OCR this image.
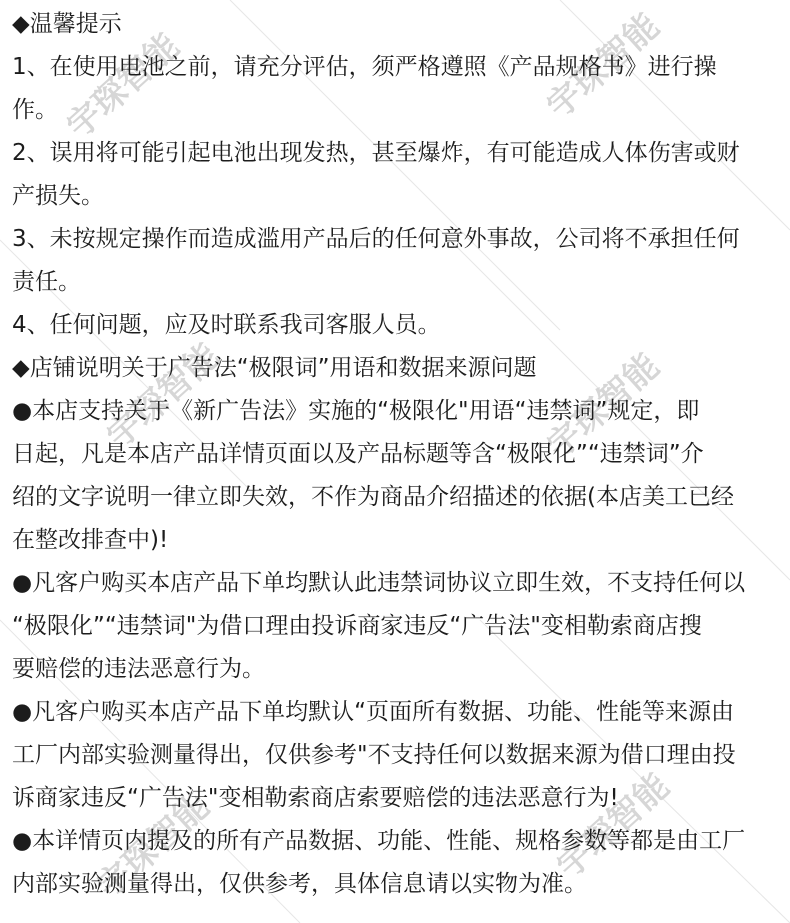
宇琛智能	宇琛智能
宇琛智能	宇琛智能
宇琛智能	宇琛智能
◆温馨提示
1、在使用电池之前，请充分评估，须严格遵照《产品规格书》进行操
作。
2、误用将可能引起电池出现发热，甚至爆炸，有可能造成人体伤害或财
产损失。
3、未按规定操作而造成滥用产品后的任何意外事故，公司将不承担任何
责任。
4、任何问题，应及时联系我司客服人员。
◆店铺说明关于广告法“极限词”用语和数据来源问题
●本店支持关于《新广告法》实施的“极限化"用语“违禁词”规定，即
日起，凡是本店产品详情页面以及产品标题等含“极限化”“违禁词”介
绍的文字说明一律立即失效，不作为商品介绍描述的依据(本店美工已经
在整改排查中)!
●凡客户购买本店产品下单均默认此违禁词协议立即生效，不支持任何以
“极限化”“违禁词"为借口理由投诉商家违反“广告法"变相勒索商店搜
要赔偿的违法恶意行为。
●凡客户购买本店产品下单均默认“页面所有数据、功能、性能等来源由
工厂内部实验测量得出，仅供参考"不支持任何以数据来源为借口理由投
诉商家违反“广告法"变相勒索商店索要赔偿的违法恶意行为!
●本详情页内提及的所有产品数据、功能、性能、规格参数等都是由工厂
内部实验测量得出，仅供参考，具体信息请以实物为准。
